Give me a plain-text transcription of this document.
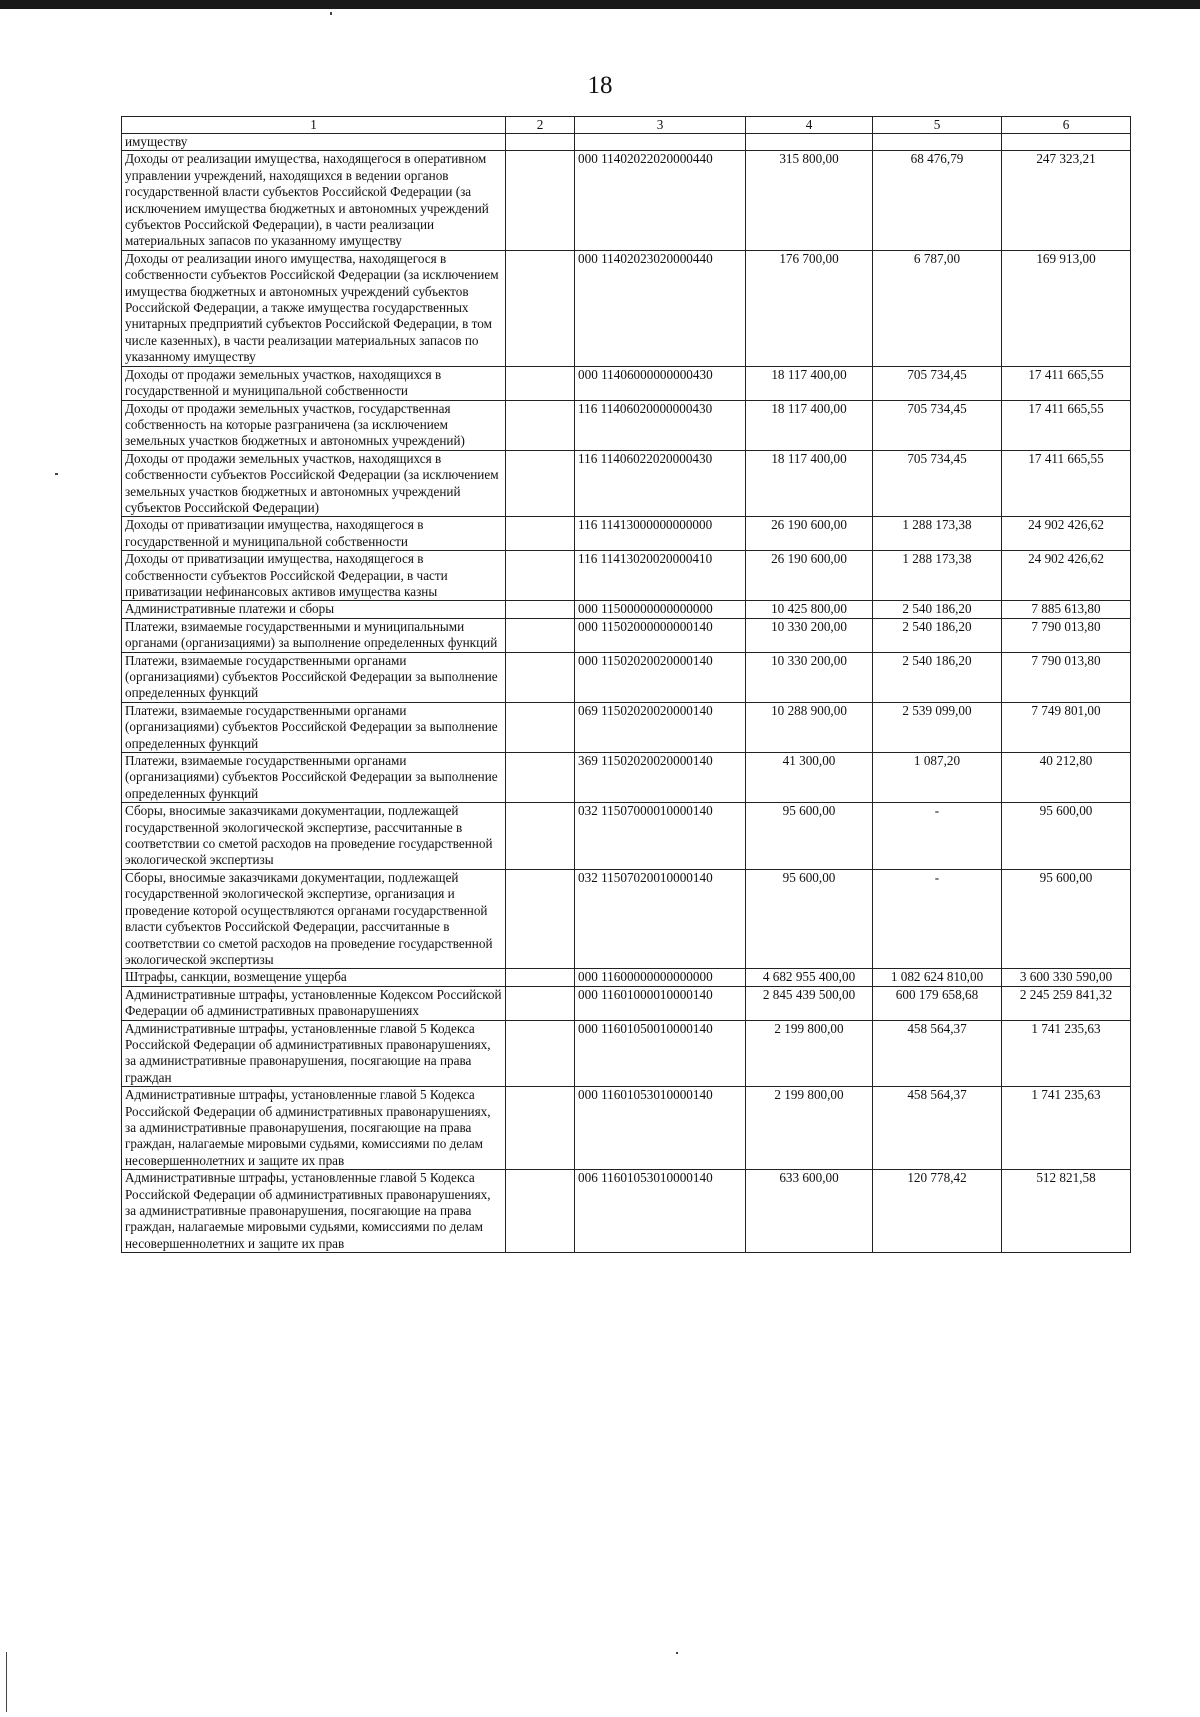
18
1	2	3	4	5	6
имуществу					
Доходы от реализации имущества, находящегося в оперативном управлении учреждений, находящихся в ведении органов государственной власти субъектов Российской Федерации (за исключением имущества бюджетных и автономных учреждений субъектов Российской Федерации), в части реализации материальных запасов по указанному имуществу		000 11402022020000440	315 800,00	68 476,79	247 323,21
Доходы от реализации иного имущества, находящегося в собственности субъектов Российской Федерации (за исключением имущества бюджетных и автономных учреждений субъектов Российской Федерации, а также имущества государственных унитарных предприятий субъектов Российской Федерации, в том числе казенных), в части реализации материальных запасов по указанному имуществу		000 11402023020000440	176 700,00	6 787,00	169 913,00
Доходы от продажи земельных участков, находящихся в государственной и муниципальной собственности		000 11406000000000430	18 117 400,00	705 734,45	17 411 665,55
Доходы от продажи земельных участков, государственная собственность на которые разграничена (за исключением земельных участков бюджетных и автономных учреждений)		116 11406020000000430	18 117 400,00	705 734,45	17 411 665,55
Доходы от продажи земельных участков, находящихся в собственности субъектов Российской Федерации (за исключением земельных участков бюджетных и автономных учреждений субъектов Российской Федерации)		116 11406022020000430	18 117 400,00	705 734,45	17 411 665,55
Доходы от приватизации имущества, находящегося в государственной и муниципальной собственности		116 11413000000000000	26 190 600,00	1 288 173,38	24 902 426,62
Доходы от приватизации имущества, находящегося в собственности субъектов Российской Федерации, в части приватизации нефинансовых активов имущества казны		116 11413020020000410	26 190 600,00	1 288 173,38	24 902 426,62
Административные платежи и сборы		000 11500000000000000	10 425 800,00	2 540 186,20	7 885 613,80
Платежи, взимаемые государственными и муниципальными органами (организациями) за выполнение определенных функций		000 11502000000000140	10 330 200,00	2 540 186,20	7 790 013,80
Платежи, взимаемые государственными органами (организациями) субъектов Российской Федерации за выполнение определенных функций		000 11502020020000140	10 330 200,00	2 540 186,20	7 790 013,80
Платежи, взимаемые государственными органами (организациями) субъектов Российской Федерации за выполнение определенных функций		069 11502020020000140	10 288 900,00	2 539 099,00	7 749 801,00
Платежи, взимаемые государственными органами (организациями) субъектов Российской Федерации за выполнение определенных функций		369 11502020020000140	41 300,00	1 087,20	40 212,80
Сборы, вносимые заказчиками документации, подлежащей государственной экологической экспертизе, рассчитанные в соответствии со сметой расходов на проведение государственной экологической экспертизы		032 11507000010000140	95 600,00	-	95 600,00
Сборы, вносимые заказчиками документации, подлежащей государственной экологической экспертизе, организация и проведение которой осуществляются органами государственной власти субъектов Российской Федерации, рассчитанные в соответствии со сметой расходов на проведение государственной экологической экспертизы		032 11507020010000140	95 600,00	-	95 600,00
Штрафы, санкции, возмещение ущерба		000 11600000000000000	4 682 955 400,00	1 082 624 810,00	3 600 330 590,00
Административные штрафы, установленные Кодексом Российской Федерации об административных правонарушениях		000 11601000010000140	2 845 439 500,00	600 179 658,68	2 245 259 841,32
Административные штрафы, установленные главой 5 Кодекса Российской Федерации об административных правонарушениях, за административные правонарушения, посягающие на права граждан		000 11601050010000140	2 199 800,00	458 564,37	1 741 235,63
Административные штрафы, установленные главой 5 Кодекса Российской Федерации об административных правонарушениях, за административные правонарушения, посягающие на права граждан, налагаемые мировыми судьями, комиссиями по делам несовершеннолетних и защите их прав		000 11601053010000140	2 199 800,00	458 564,37	1 741 235,63
Административные штрафы, установленные главой 5 Кодекса Российской Федерации об административных правонарушениях, за административные правонарушения, посягающие на права граждан, налагаемые мировыми судьями, комиссиями по делам несовершеннолетних и защите их прав		006 11601053010000140	633 600,00	120 778,42	512 821,58
